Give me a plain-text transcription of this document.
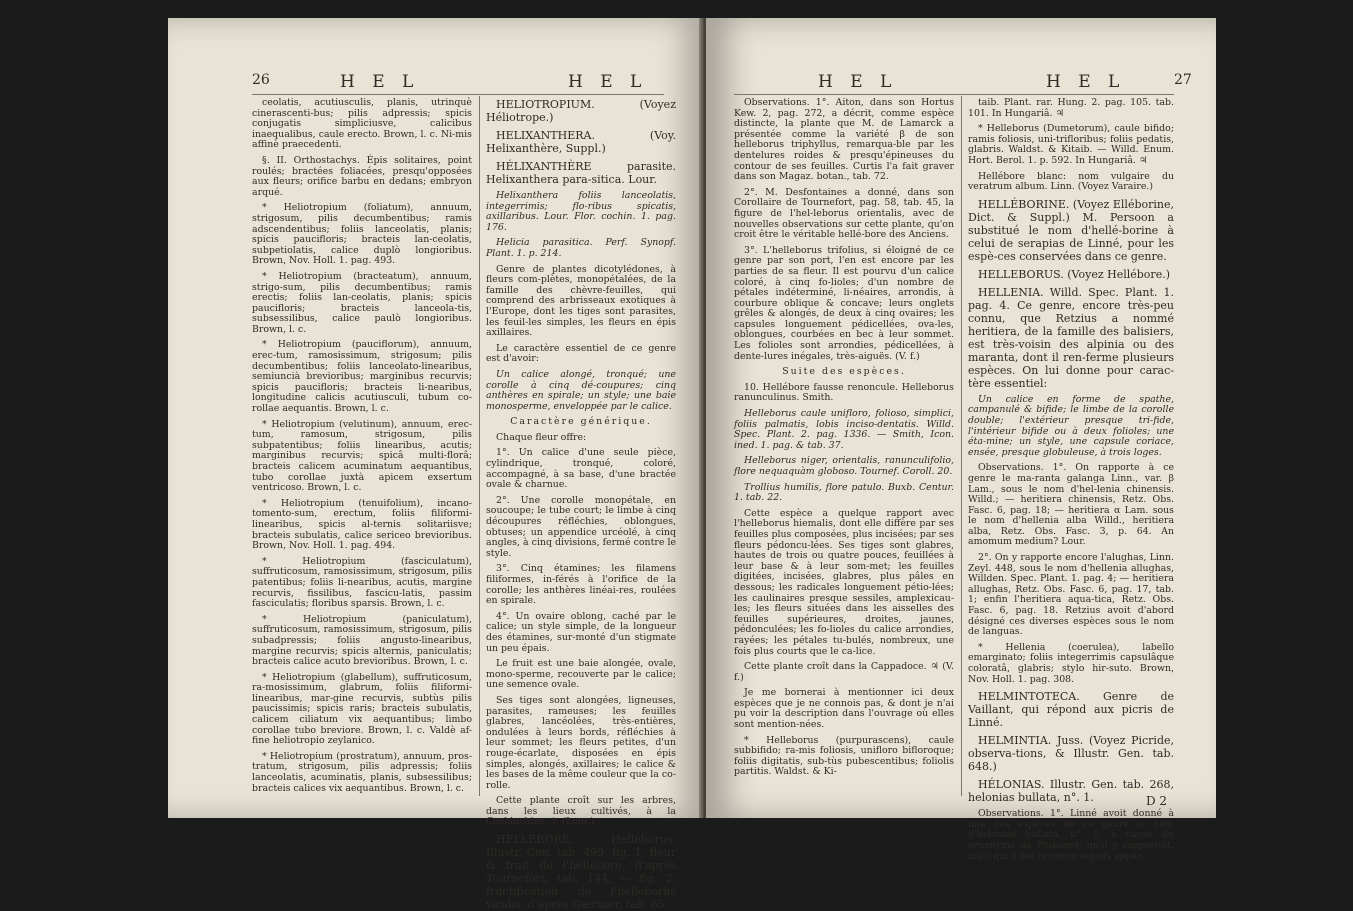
26	H E L	H E L

ceolatis, acutiusculis, planis, utrinquè cinerascenti-bus; pilis adpressis; spicis conjugatis simpliciusve, calicibus inaequalibus, caule erecto. Brown, l. c. Ni-mis affinè praecedenti.

§. II. Orthostachys. Épis solitaires, point roulés; bractées foliacées, presqu'opposées aux fleurs; orifice barbu en dedans; embryon arqué.

* Heliotropium (foliatum), annuum, strigosum, pilis decumbentibus; ramis adscendentibus; foliis lanceolatis, planis; spicis paucifloris; bracteis lan-ceolatis, subpetiolatis, calice duplò longioribus. Brown, Nov. Holl. 1. pag. 493.

* Heliotropium (bracteatum), annuum, strigo-sum, pilis decumbentibus; ramis erectis; foliis lan-ceolatis, planis; spicis paucifloris; bracteis lanceola-tis, subsessilibus, calice paulò longioribus. Brown, l. c.

* Heliotropium (pauciflorum), annuum, erec-tum, ramosissimum, strigosum; pilis decumbentibus; foliis lanceolato-linearibus, semiuncià brevioribus; marginibus recurvis; spicis paucifloris; bracteis li-nearibus, longitudine calicis acutiusculi, tubum co-rollae aequantis. Brown, l. c.

* Heliotropium (velutinum), annuum, erec-tum, ramosum, strigosum, pilis subpatentibus; foliis linearibus, acutis; marginibus recurvis; spicâ multi-florâ; bracteis calicem acuminatum aequantibus, tubo corollae juxtà apicem exsertum ventricoso. Brown, l. c.

* Heliotropium (tenuifolium), incano-tomento-sum, erectum, foliis filiformi-linearibus, spicis al-ternis solitariisve; bracteis subulatis, calice sericeo brevioribus. Brown, Nov. Holl. 1. pag. 494.

* Heliotropium (fasciculatum), suffruticosum, ramosissimum, strigosum, pilis patentibus; foliis li-nearibus, acutis, margine recurvis, fissilibus, fascicu-latis, passim fasciculatis; floribus sparsis. Brown, l. c.

* Heliotropium (paniculatum), suffruticosum, ramosissimum, strigosum, pilis subadpressis; foliis angusto-linearibus, margine recurvis; spicis alternis, paniculatis; bracteis calice acuto brevioribus. Brown, l. c.

* Heliotropium (glabellum), suffruticosum, ra-mosissimum, glabrum, foliis filiformi-linearibus, mar-gine recurvis, subtùs pilis paucissimis; spicis raris; bracteis subulatis, calicem ciliatum vix aequantibus; limbo corollae tubo breviore. Brown, l. c. Valdè af-fine heliotropio zeylanico.

* Heliotropium (prostratum), annuum, pros-tratum, strigosum, pilis adpressis; foliis lanceolatis, acuminatis, planis, subsessilibus; bracteis calices vix aequantibus. Brown, l. c.

HELIOTROPIUM. (Voyez Héliotrope.)

HELIXANTHERA. (Voy. Helixanthère, Suppl.)

HÉLIXANTHÈRE parasite. Helixanthera para-sitica. Lour.

Helixanthera foliis lanceolatis, integerrimis; flo-ribus spicatis, axillaribus. Lour. Flor. cochin. 1. pag. 176.

Helicia parasitica. Perf. Synopf. Plant. 1. p. 214.

Genre de plantes dicotylédones, à fleurs com-plètes, monopétalées, de la famille des chèvre-feuilles, qui comprend des arbrisseaux exotiques à l'Europe, dont les tiges sont parasites, les feuil-les simples, les fleurs en épis axillaires.

Le caractère essentiel de ce genre est d'avoir:

Un calice alongé, tronqué; une corolle à cinq dé-coupures; cinq anthères en spirale; un style; une baie monosperme, enveloppée par le calice.

Caractère générique.

Chaque fleur offre:

1°. Un calice d'une seule pièce, cylindrique, tronqué, coloré, accompagné, à sa base, d'une bractée ovale & charnue.

2°. Une corolle monopétale, en soucoupe; le tube court; le limbe à cinq découpures réfléchies, oblongues, obtuses; un appendice urcéolé, à cinq angles, à cinq divisions, fermé contre le style.

3°. Cinq étamines; les filamens filiformes, in-férés à l'orifice de la corolle; les anthères linéai-res, roulées en spirale.

4°. Un ovaire oblong, caché par le calice; un style simple, de la longueur des étamines, sur-monté d'un stigmate un peu épais.

Le fruit est une baie alongée, ovale, mono-sperme, recouverte par le calice; une semence ovale.

Ses tiges sont alongées, ligneuses, parasites, rameuses; les feuilles glabres, lancéolées, très-entières, ondulées à leurs bords, réfléchies à leur sommet; les fleurs petites, d'un rouge-écarlate, disposées en épis simples, alongés, axillaires; le calice & les bases de la même couleur que la co-rolle.

Cette plante croît sur les arbres, dans les lieux cultivés, à la Cochinchine. ♄ (Lour.)

HELLÉBORE. Helleborus. Illustr. Gen. tab. 499, fig. 1, fleur & fruit de l'hellébore, d'après Tournefort, tab. 144; — fig. 2, fructification de l'helleborus viridis, d'après Gærtner, tab. 65.

H E L	H E L	27

Observations. 1°. Aiton, dans son Hortus Kew. 2, pag. 272, a décrit, comme espèce distincte, la plante que M. de Lamarck a présentée comme la variété β de son helleborus triphyllus, remarqua-ble par les dentelures roides & presqu'épineuses du contour de ses feuilles. Curtis l'a fait graver dans son Magaz. botan., tab. 72.

2°. M. Desfontaines a donné, dans son Corollaire de Tournefort, pag. 58, tab. 45, la figure de l'hel-leborus orientalis, avec de nouvelles observations sur cette plante, qu'on croit être le véritable hellé-bore des Anciens.

3°. L'helleborus trifolius, si éloigné de ce genre par son port, l'en est encore par les parties de sa fleur. Il est pourvu d'un calice coloré, à cinq fo-lioles; d'un nombre de pétales indéterminé, li-néaires, arrondis, à courbure oblique & concave; leurs onglets grêles & alongés, de deux à cinq ovaires; les capsules longuement pédicellées, ova-les, oblongues, courbées en bec à leur sommet. Les folioles sont arrondies, pédicellées, à dente-lures inégales, très-aiguës. (V. f.)

Suite des espèces.

10. Hellébore fausse renoncule. Helleborus ranunculinus. Smith.

Helleborus caule unifloro, folioso, simplici, foliis palmatis, lobis inciso-dentatis. Willd. Spec. Plant. 2. pag. 1336. — Smith, Icon. ined. 1. pag. & tab. 37.

Helleborus niger, orientalis, ranunculifolio, flore nequaquàm globoso. Tournef. Coroll. 20.

Trollius humilis, flore patulo. Buxb. Centur. 1. tab. 22.

Cette espèce a quelque rapport avec l'helleborus hiemalis, dont elle diffère par ses feuilles plus composées, plus incisées; par ses fleurs pédoncu-lées. Ses tiges sont glabres, hautes de trois ou quatre pouces, feuillées à leur base & à leur som-met; les feuilles digitées, incisées, glabres, plus pâles en dessous; les radicales longuement pétio-lées; les caulinaires presque sessiles, amplexicau-les; les fleurs situées dans les aisselles des feuilles supérieures, droites, jaunes, pédonculées; les fo-lioles du calice arrondies, rayées; les pétales tu-bulés, nombreux, une fois plus courts que le ca-lice.

Cette plante croît dans la Cappadoce. ♃ (V. f.)

Je me bornerai à mentionner ici deux espèces que je ne connois pas, & dont je n'ai pu voir la description dans l'ouvrage où elles sont mention-nées.

* Helleborus (purpurascens), caule subbifido; ra-mis foliosis, unifloro bifloroque; foliis digitatis, sub-tùs pubescentibus; foliolis partitis. Waldst. & Ki-

taib. Plant. rar. Hung. 2. pag. 105. tab. 101. In Hungariâ. ♃

* Helleborus (Dumetorum), caule bifido; ramis foliosis, uni-trifloribus; foliis pedatis, glabris. Waldst. & Kitaib. — Willd. Enum. Hort. Berol. 1. p. 592. In Hungariâ. ♃

Hellébore blanc: nom vulgaire du veratrum album. Linn. (Voyez Varaire.)

HELLÉBORINE. (Voyez Elléborine, Dict. & Suppl.) M. Persoon a substitué le nom d'hellé-borine à celui de serapias de Linné, pour les espè-ces conservées dans ce genre.

HELLEBORUS. (Voyez Hellébore.)

HELLENIA. Willd. Spec. Plant. 1. pag. 4. Ce genre, encore très-peu connu, que Retzius a nommé heritiera, de la famille des balisiers, est très-voisin des alpinia ou des maranta, dont il ren-ferme plusieurs espèces. On lui donne pour carac-tère essentiel:

Un calice en forme de spathe, campanulé & bifide; le limbe de la corolle double; l'extérieur presque tri-fide, l'intérieur bifide ou à deux folioles; une éta-mine; un style, une capsule coriace, ensée, presque globuleuse, à trois loges.

Observations. 1°. On rapporte à ce genre le ma-ranta galanga Linn., var. β Lam., sous le nom d'hel-lenia chinensis. Willd.; — heritiera chinensis, Retz. Obs. Fasc. 6, pag. 18; — heritiera α Lam. sous le nom d'hellenia alba Willd., heritiera alba, Retz. Obs. Fasc. 3, p. 64. An amomum medium? Lour.

2°. On y rapporte encore l'alughas, Linn. Zeyl. 448, sous le nom d'hellenia allughas, Willden. Spec. Plant. 1. pag. 4; — heritiera allughas, Retz. Obs. Fasc. 6, pag. 17, tab. 1; enfin l'heritiera aqua-tica, Retz. Obs. Fasc. 6, pag. 18. Retzius avoit d'abord désigné ces diverses espèces sous le nom de languas.

* Hellenia (coerulea), labello emarginato; foliis integerrimis capsulâque coloratâ, glabris; stylo hir-suto. Brown, Nov. Holl. 1. pag. 308.

HELMINTOTECA. Genre de Vaillant, qui répond aux picris de Linné.

HELMINTIA. Juss. (Voyez Picride, observa-tions, & Illustr. Gen. tab. 648.)

HÉLONIAS. Illustr. Gen. tab. 268, helonias bullata, n°. 1.

Observations. 1°. Linné avoit donné à une des espèces de ce genre le nom d'helonias bullata, n°. 1, à cause du synonyme de Plukenet, qu'il y rapportoit, mais qui a été reconnu depuis appar-

D 2
